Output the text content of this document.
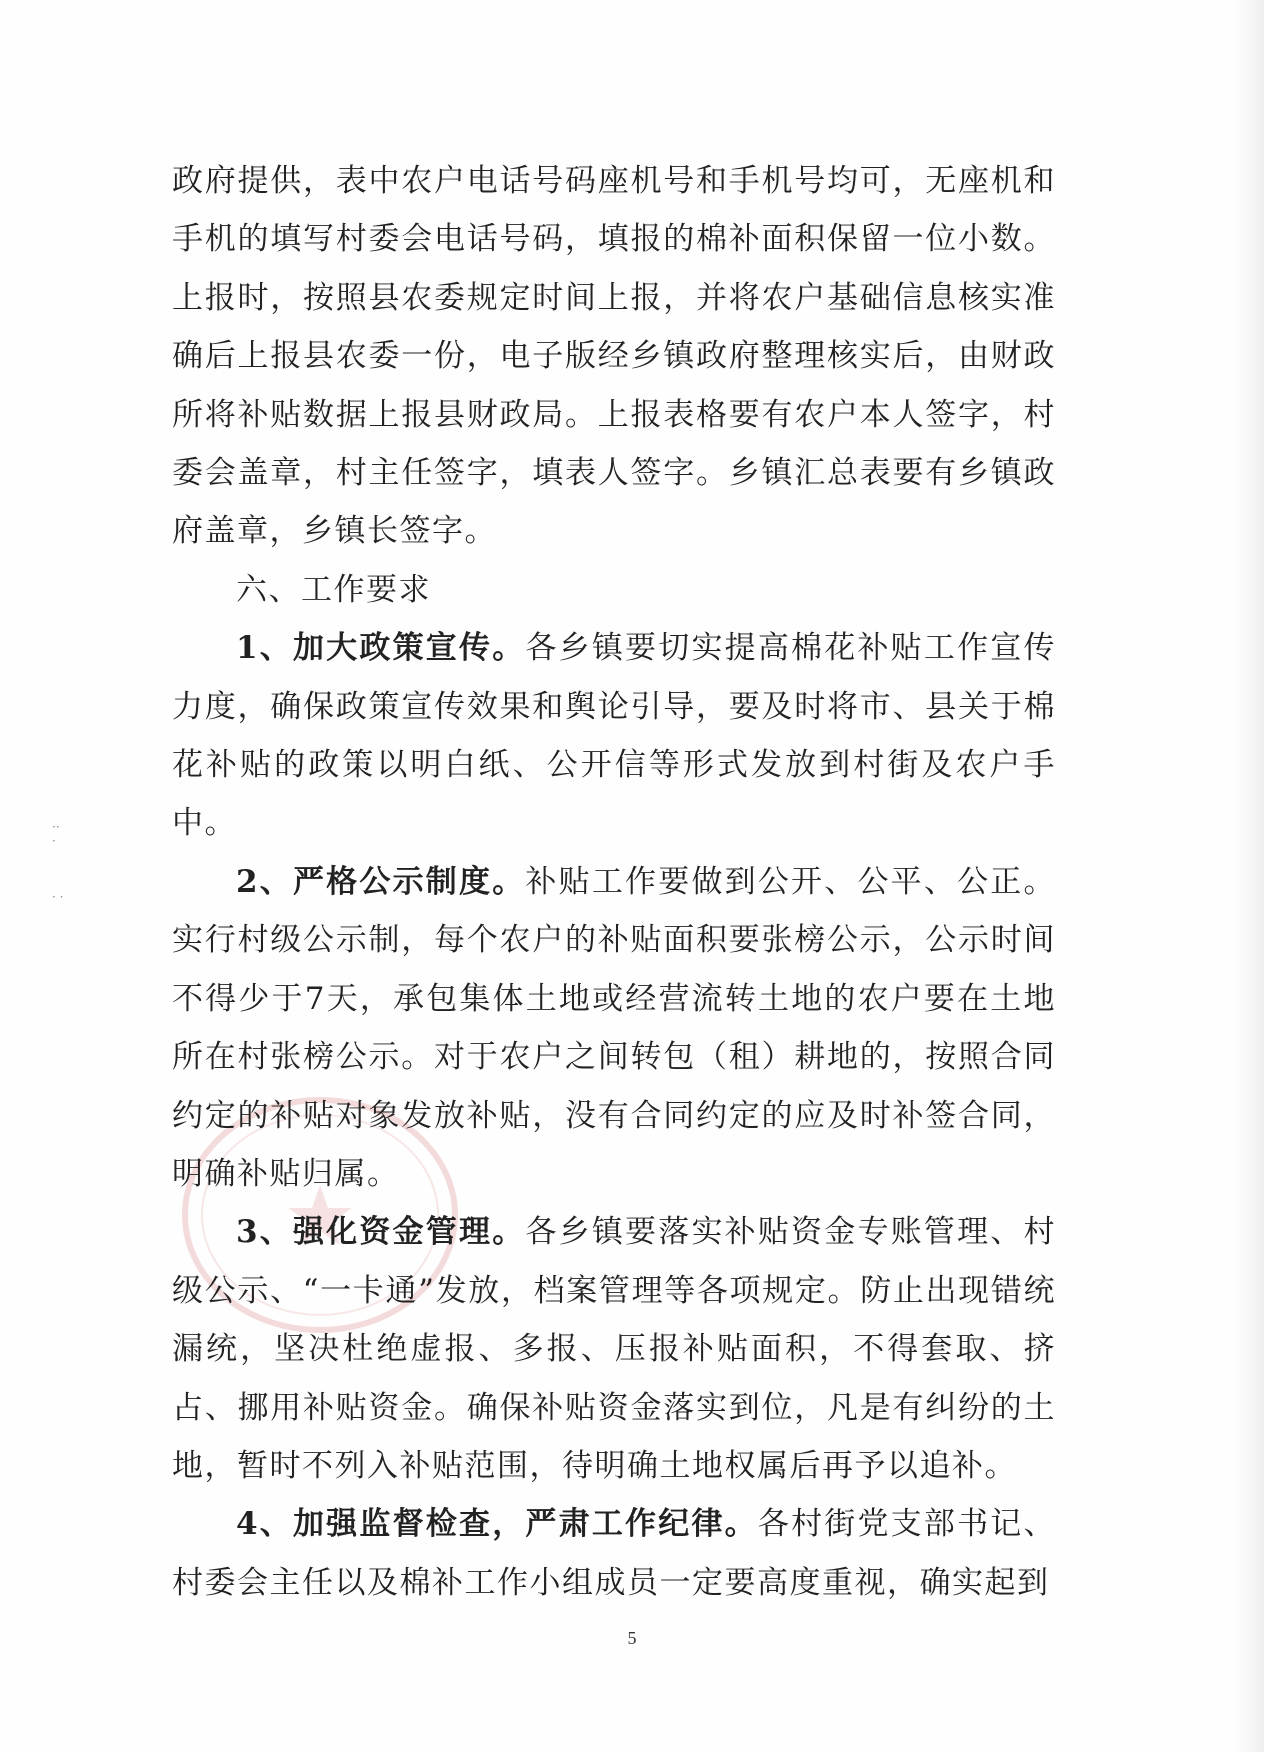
··
·

· ·

政府提供，表中农户电话号码座机号和手机号均可，无座机和手机的填写村委会电话号码，填报的棉补面积保留一位小数。上报时，按照县农委规定时间上报，并将农户基础信息核实准确后上报县农委一份，电子版经乡镇政府整理核实后，由财政所将补贴数据上报县财政局。上报表格要有农户本人签字，村委会盖章，村主任签字，填表人签字。乡镇汇总表要有乡镇政府盖章，乡镇长签字。

六、工作要求

1、加大政策宣传。各乡镇要切实提高棉花补贴工作宣传力度，确保政策宣传效果和舆论引导，要及时将市、县关于棉花补贴的政策以明白纸、公开信等形式发放到村街及农户手中。

2、严格公示制度。补贴工作要做到公开、公平、公正。实行村级公示制，每个农户的补贴面积要张榜公示，公示时间不得少于7天，承包集体土地或经营流转土地的农户要在土地所在村张榜公示。对于农户之间转包（租）耕地的，按照合同约定的补贴对象发放补贴，没有合同约定的应及时补签合同，明确补贴归属。

3、强化资金管理。各乡镇要落实补贴资金专账管理、村级公示、“一卡通”发放，档案管理等各项规定。防止出现错统漏统，坚决杜绝虚报、多报、压报补贴面积，不得套取、挤占、挪用补贴资金。确保补贴资金落实到位，凡是有纠纷的土地，暂时不列入补贴范围，待明确土地权属后再予以追补。

4、加强监督检查，严肃工作纪律。各村街党支部书记、村委会主任以及棉补工作小组成员一定要高度重视，确实起到

5
